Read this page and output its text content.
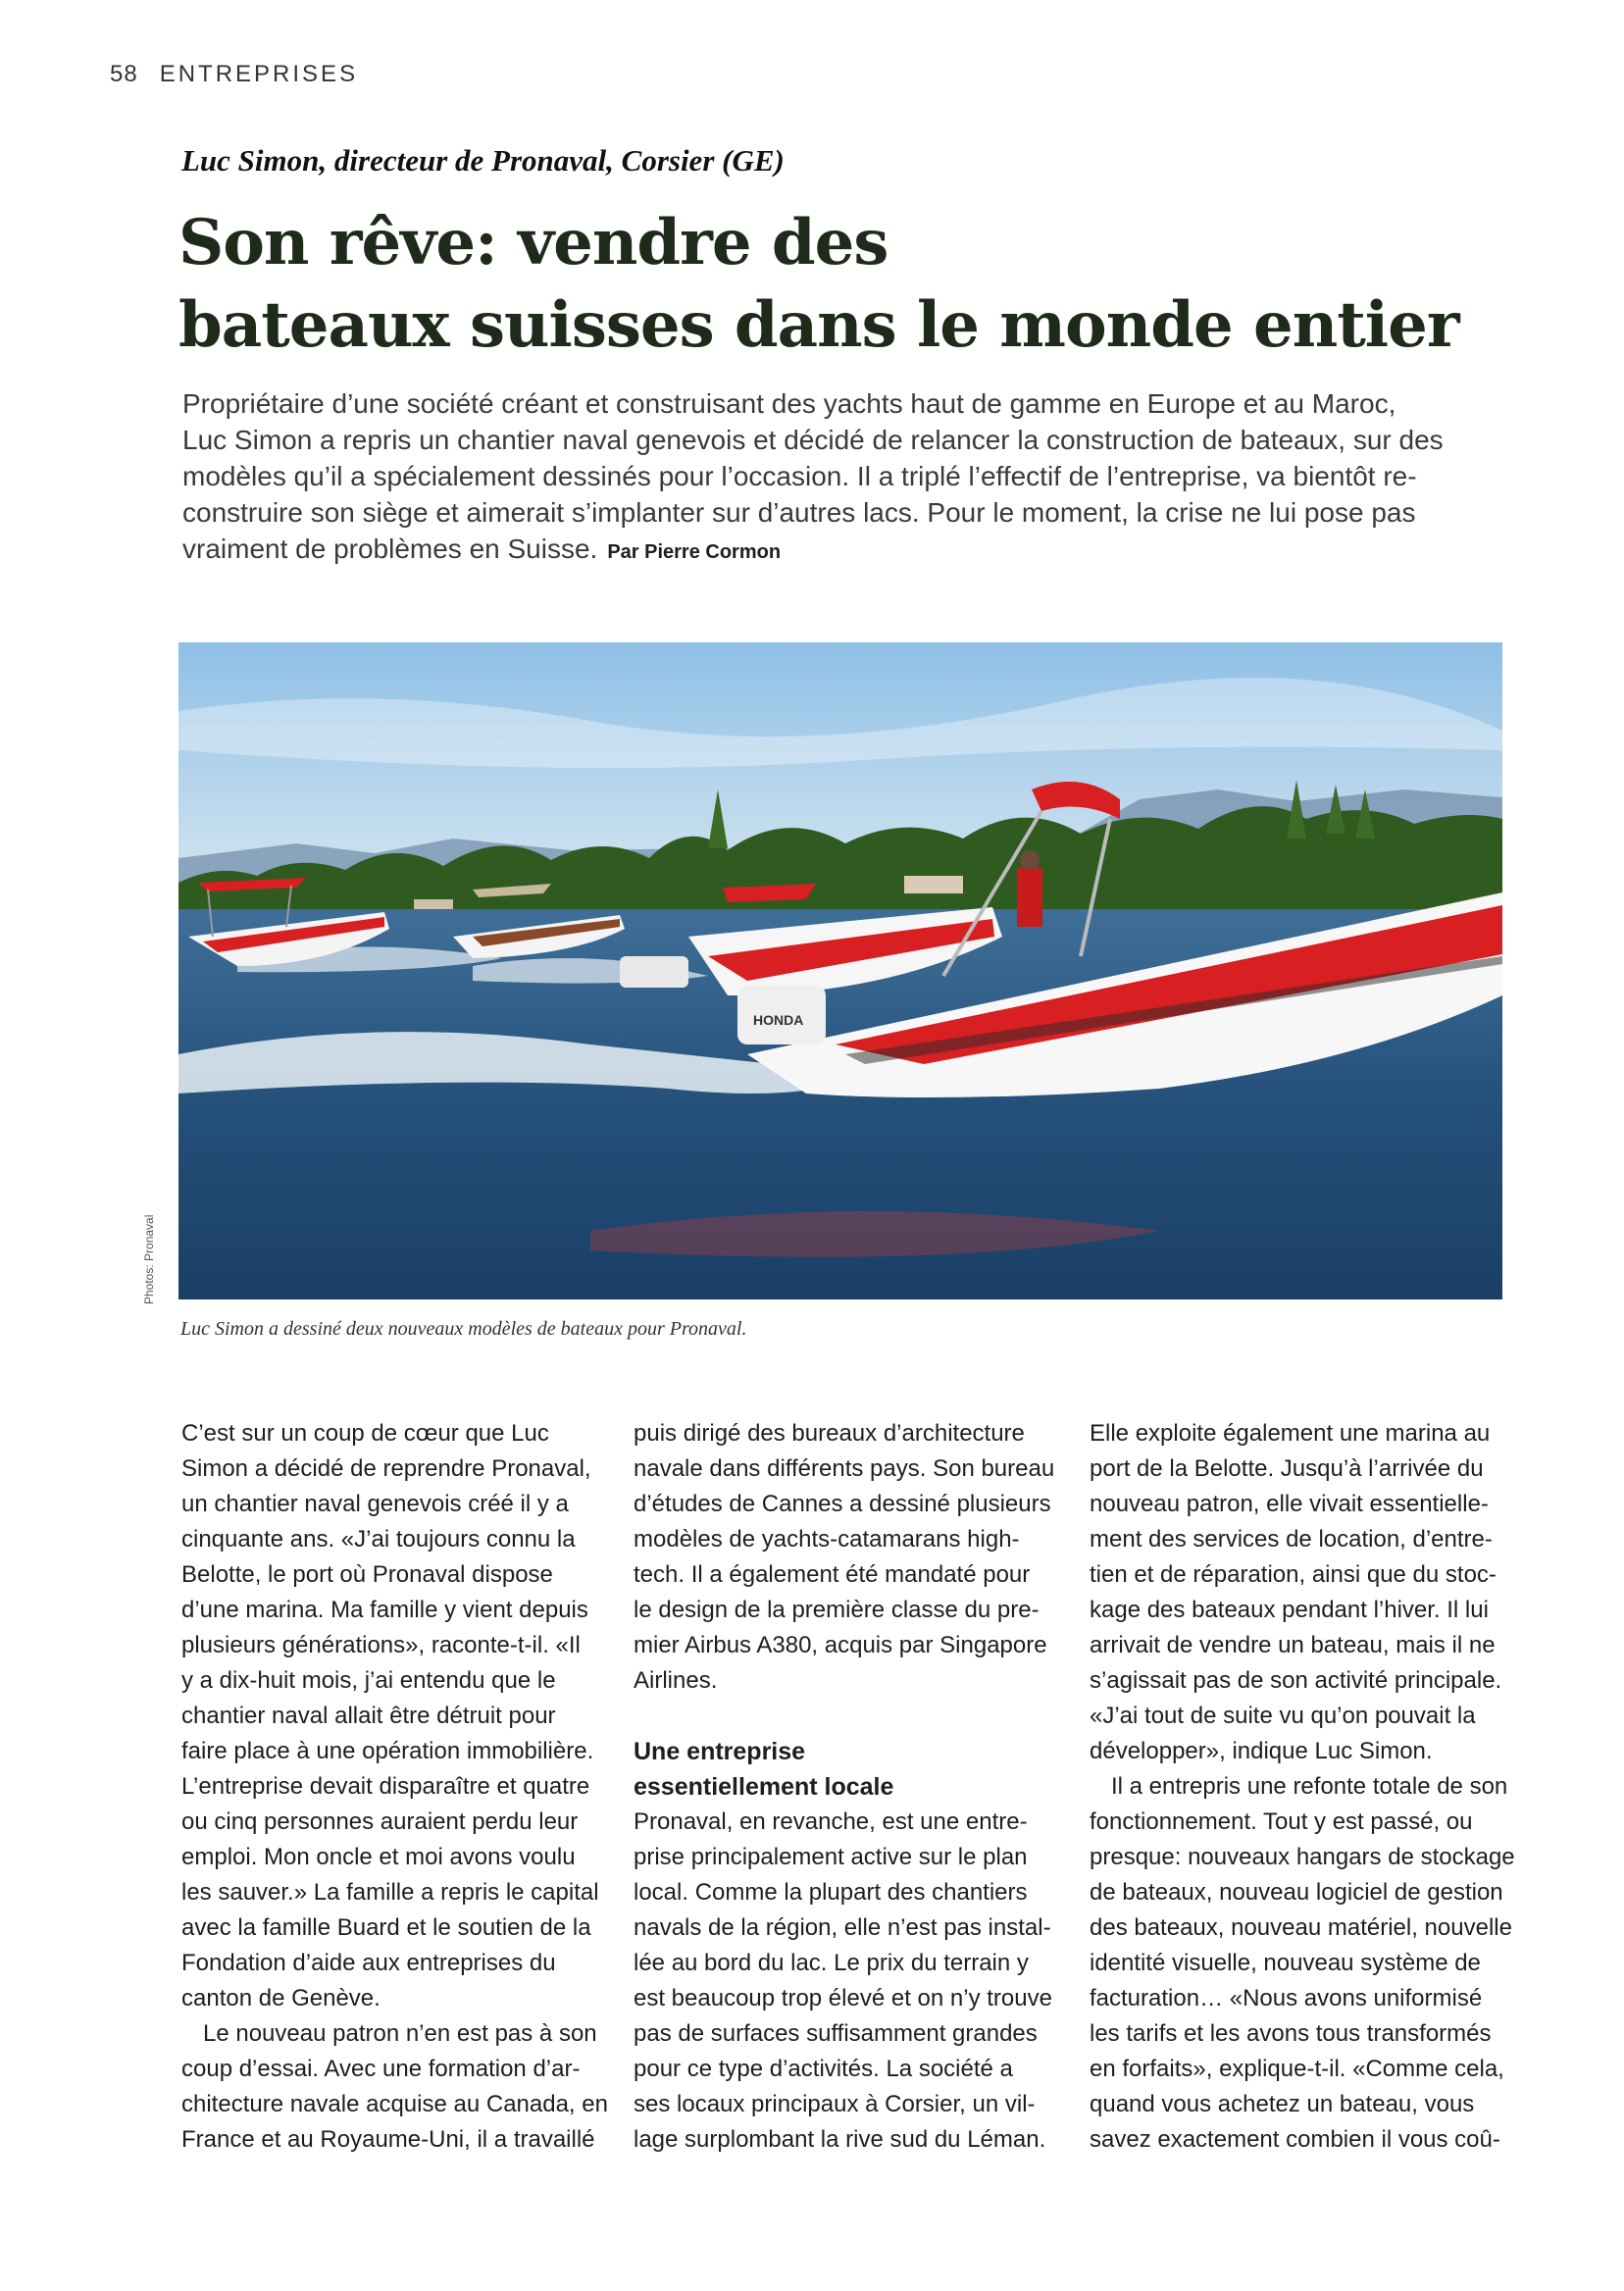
58 ENTREPRISES
Luc Simon, directeur de Pronaval, Corsier (GE)
Son rêve: vendre des
bateaux suisses dans le monde entier
Propriétaire d’une société créant et construisant des yachts haut de gamme en Europe et au Maroc,
Luc Simon a repris un chantier naval genevois et décidé de relancer la construction de bateaux, sur des
modèles qu’il a spécialement dessinés pour l’occasion. Il a triplé l’effectif de l’entreprise, va bientôt re-
construire son siège et aimerait s’implanter sur d’autres lacs. Pour le moment, la crise ne lui pose pas
vraiment de problèmes en Suisse. Par Pierre Cormon
HONDA
Photos: Pronaval
Luc Simon a dessiné deux nouveaux modèles de bateaux pour Pronaval.
C’est sur un coup de cœur que Luc
Simon a décidé de reprendre Pronaval,
un chantier naval genevois créé il y a
cinquante ans. «J’ai toujours connu la
Belotte, le port où Pronaval dispose
d’une marina. Ma famille y vient depuis
plusieurs générations», raconte-t-il. «Il
y a dix-huit mois, j’ai entendu que le
chantier naval allait être détruit pour
faire place à une opération immobilière.
L’entreprise devait disparaître et quatre
ou cinq personnes auraient perdu leur
emploi. Mon oncle et moi avons voulu
les sauver.» La famille a repris le capital
avec la famille Buard et le soutien de la
Fondation d’aide aux entreprises du
canton de Genève.
Le nouveau patron n’en est pas à son
coup d’essai. Avec une formation d’ar-
chitecture navale acquise au Canada, en
France et au Royaume-Uni, il a travaillé
puis dirigé des bureaux d’architecture
navale dans différents pays. Son bureau
d’études de Cannes a dessiné plusieurs
modèles de yachts-catamarans high-
tech. Il a également été mandaté pour
le design de la première classe du pre-
mier Airbus A380, acquis par Singapore
Airlines.
Une entreprise
essentiellement locale
Pronaval, en revanche, est une entre-
prise principalement active sur le plan
local. Comme la plupart des chantiers
navals de la région, elle n’est pas instal-
lée au bord du lac. Le prix du terrain y
est beaucoup trop élevé et on n’y trouve
pas de surfaces suffisamment grandes
pour ce type d’activités. La société a
ses locaux principaux à Corsier, un vil-
lage surplombant la rive sud du Léman.
Elle exploite également une marina au
port de la Belotte. Jusqu’à l’arrivée du
nouveau patron, elle vivait essentielle-
ment des services de location, d’entre-
tien et de réparation, ainsi que du stoc-
kage des bateaux pendant l’hiver. Il lui
arrivait de vendre un bateau, mais il ne
s’agissait pas de son activité principale.
«J’ai tout de suite vu qu’on pouvait la
développer», indique Luc Simon.
Il a entrepris une refonte totale de son
fonctionnement. Tout y est passé, ou
presque: nouveaux hangars de stockage
de bateaux, nouveau logiciel de gestion
des bateaux, nouveau matériel, nouvelle
identité visuelle, nouveau système de
facturation… «Nous avons uniformisé
les tarifs et les avons tous transformés
en forfaits», explique-t-il. «Comme cela,
quand vous achetez un bateau, vous
savez exactement combien il vous coû-
